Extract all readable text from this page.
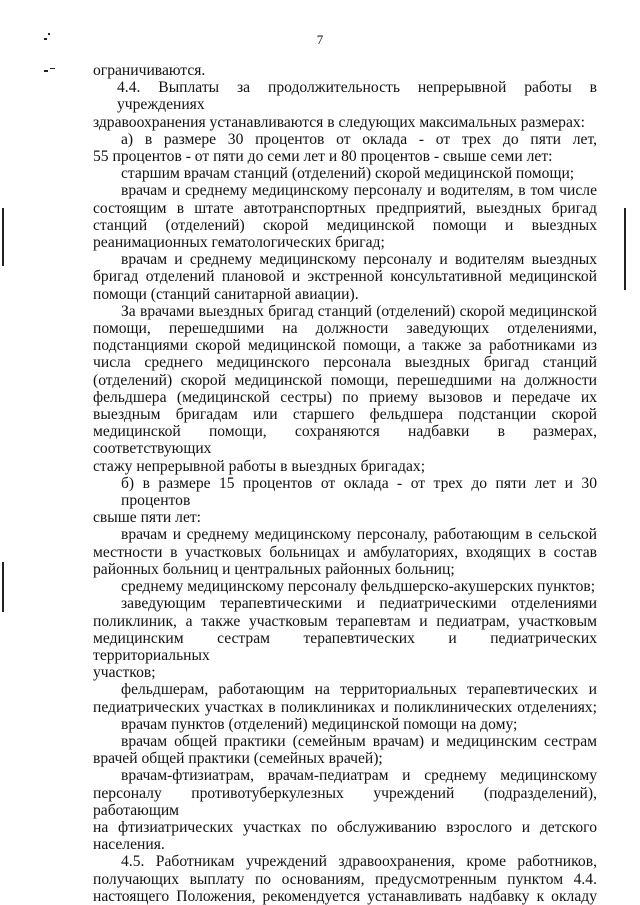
7
ограничиваются.
4.4. Выплаты за продолжительность непрерывной работы в учреждениях
здравоохранения устанавливаются в следующих максимальных размерах:
а) в размере 30 процентов от оклада - от трех до пяти лет,
55 процентов - от пяти до семи лет и 80 процентов - свыше семи лет:
старшим врачам станций (отделений) скорой медицинской помощи;
врачам и среднему медицинскому персоналу и водителям, в том числе
состоящим в штате автотранспортных предприятий, выездных бригад
станций (отделений) скорой медицинской помощи и выездных
реанимационных гематологических бригад;
врачам и среднему медицинскому персоналу и водителям выездных
бригад отделений плановой и экстренной консультативной медицинской
помощи (станций санитарной авиации).
За врачами выездных бригад станций (отделений) скорой медицинской
помощи, перешедшими на должности заведующих отделениями,
подстанциями скорой медицинской помощи, а также за работниками из
числа среднего медицинского персонала выездных бригад станций
(отделений) скорой медицинской помощи, перешедшими на должности
фельдшера (медицинской сестры) по приему вызовов и передаче их
выездным бригадам или старшего фельдшера подстанции скорой
медицинской помощи, сохраняются надбавки в размерах, соответствующих
стажу непрерывной работы в выездных бригадах;
б) в размере 15 процентов от оклада - от трех до пяти лет и 30 процентов
свыше пяти лет:
врачам и среднему медицинскому персоналу, работающим в сельской
местности в участковых больницах и амбулаториях, входящих в состав
районных больниц и центральных районных больниц;
среднему медицинскому персоналу фельдшерско-акушерских пунктов;
заведующим терапевтическими и педиатрическими отделениями
поликлиник, а также участковым терапевтам и педиатрам, участковым
медицинским сестрам терапевтических и педиатрических территориальных
участков;
фельдшерам, работающим на территориальных терапевтических и
педиатрических участках в поликлиниках и поликлинических отделениях;
врачам пунктов (отделений) медицинской помощи на дому;
врачам общей практики (семейным врачам) и медицинским сестрам
врачей общей практики (семейных врачей);
врачам-фтизиатрам, врачам-педиатрам и среднему медицинскому
персоналу противотуберкулезных учреждений (подразделений), работающим
на фтизиатрических участках по обслуживанию взрослого и детского
населения.
4.5. Работникам учреждений здравоохранения, кроме работников,
получающих выплату по основаниям, предусмотренным пунктом 4.4.
настоящего Положения, рекомендуется устанавливать надбавку к окладу
